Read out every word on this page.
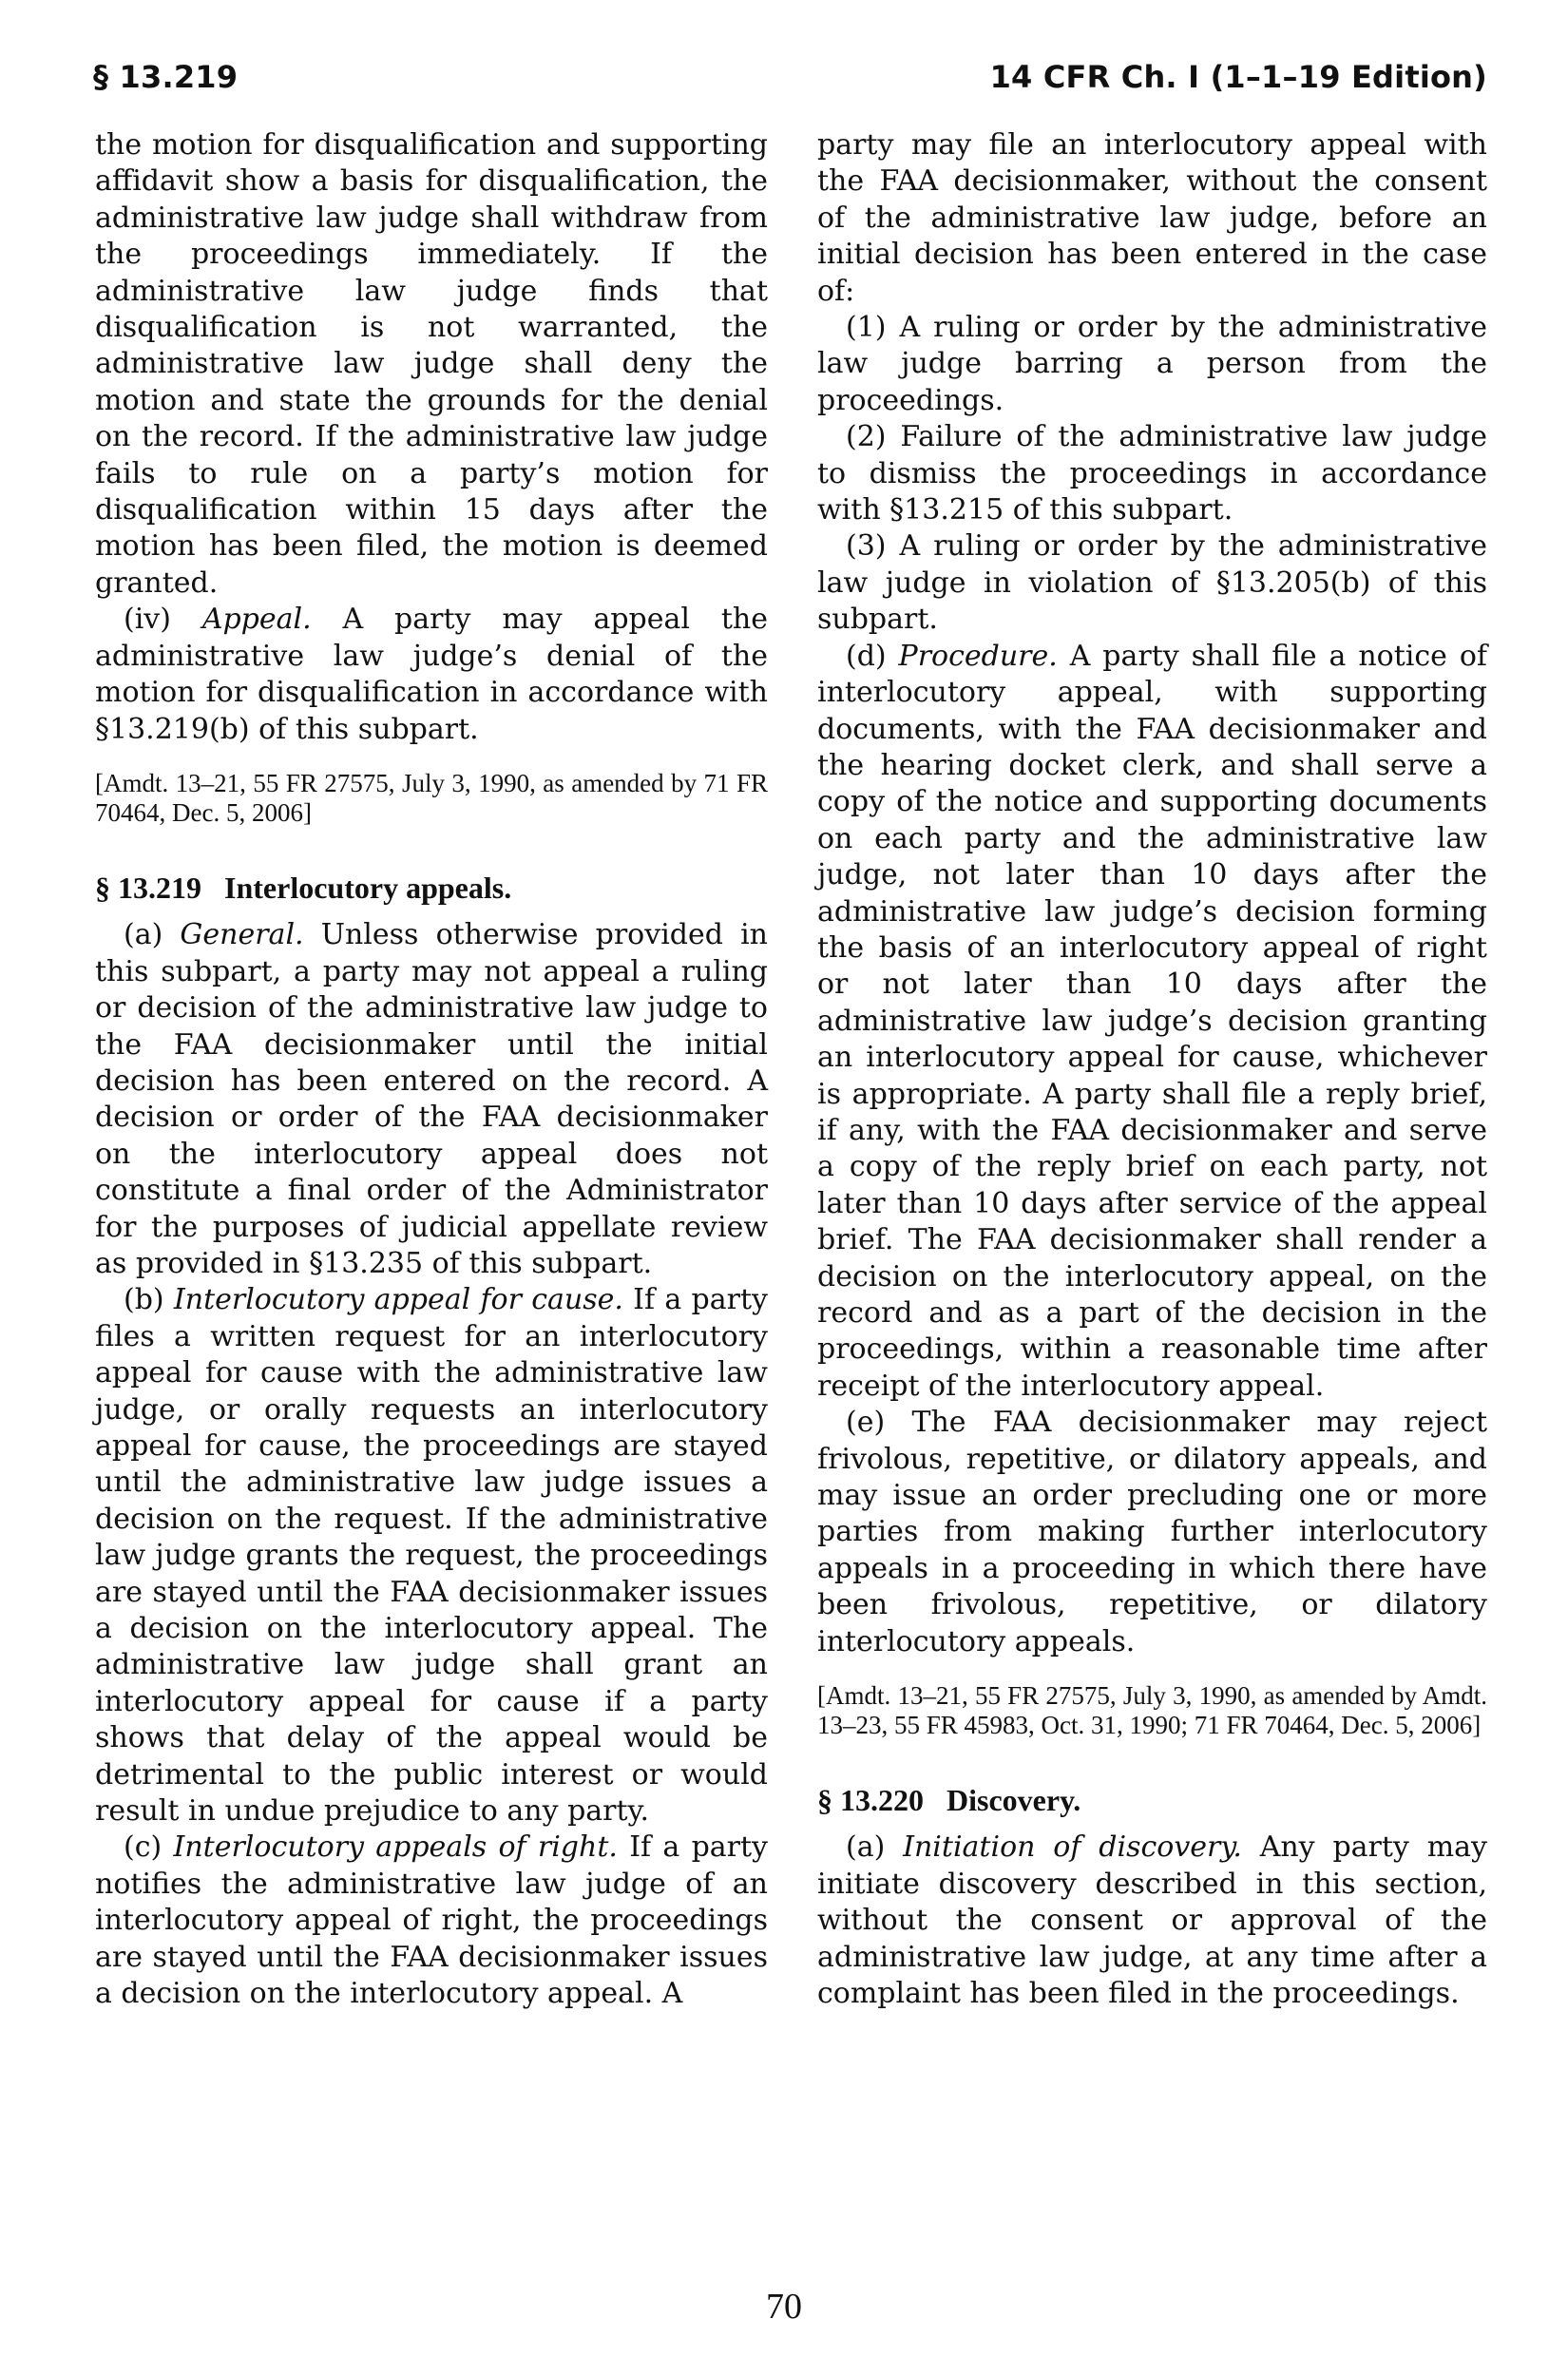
§ 13.219	14 CFR Ch. I (1–1–19 Edition)

the motion for disqualification and supporting affidavit show a basis for disqualification, the administrative law judge shall withdraw from the proceedings immediately. If the administrative law judge finds that disqualification is not warranted, the administrative law judge shall deny the motion and state the grounds for the denial on the record. If the administrative law judge fails to rule on a party’s motion for disqualification within 15 days after the motion has been filed, the motion is deemed granted.

(iv) Appeal. A party may appeal the administrative law judge’s denial of the motion for disqualification in accordance with §13.219(b) of this subpart.

[Amdt. 13–21, 55 FR 27575, July 3, 1990, as amended by 71 FR 70464, Dec. 5, 2006]

§ 13.219 Interlocutory appeals.

(a) General. Unless otherwise provided in this subpart, a party may not appeal a ruling or decision of the administrative law judge to the FAA decisionmaker until the initial decision has been entered on the record. A decision or order of the FAA decisionmaker on the interlocutory appeal does not constitute a final order of the Administrator for the purposes of judicial appellate review as provided in §13.235 of this subpart.

(b) Interlocutory appeal for cause. If a party files a written request for an interlocutory appeal for cause with the administrative law judge, or orally requests an interlocutory appeal for cause, the proceedings are stayed until the administrative law judge issues a decision on the request. If the administrative law judge grants the request, the proceedings are stayed until the FAA decisionmaker issues a decision on the interlocutory appeal. The administrative law judge shall grant an interlocutory appeal for cause if a party shows that delay of the appeal would be detrimental to the public interest or would result in undue prejudice to any party.

(c) Interlocutory appeals of right. If a party notifies the administrative law judge of an interlocutory appeal of right, the proceedings are stayed until the FAA decisionmaker issues a decision on the interlocutory appeal. A

party may file an interlocutory appeal with the FAA decisionmaker, without the consent of the administrative law judge, before an initial decision has been entered in the case of:

(1) A ruling or order by the administrative law judge barring a person from the proceedings.

(2) Failure of the administrative law judge to dismiss the proceedings in accordance with §13.215 of this subpart.

(3) A ruling or order by the administrative law judge in violation of §13.205(b) of this subpart.

(d) Procedure. A party shall file a notice of interlocutory appeal, with supporting documents, with the FAA decisionmaker and the hearing docket clerk, and shall serve a copy of the notice and supporting documents on each party and the administrative law judge, not later than 10 days after the administrative law judge’s decision forming the basis of an interlocutory appeal of right or not later than 10 days after the administrative law judge’s decision granting an interlocutory appeal for cause, whichever is appropriate. A party shall file a reply brief, if any, with the FAA decisionmaker and serve a copy of the reply brief on each party, not later than 10 days after service of the appeal brief. The FAA decisionmaker shall render a decision on the interlocutory appeal, on the record and as a part of the decision in the proceedings, within a reasonable time after receipt of the interlocutory appeal.

(e) The FAA decisionmaker may reject frivolous, repetitive, or dilatory appeals, and may issue an order precluding one or more parties from making further interlocutory appeals in a proceeding in which there have been frivolous, repetitive, or dilatory interlocutory appeals.

[Amdt. 13–21, 55 FR 27575, July 3, 1990, as amended by Amdt. 13–23, 55 FR 45983, Oct. 31, 1990; 71 FR 70464, Dec. 5, 2006]

§ 13.220 Discovery.

(a) Initiation of discovery. Any party may initiate discovery described in this section, without the consent or approval of the administrative law judge, at any time after a complaint has been filed in the proceedings.

70
